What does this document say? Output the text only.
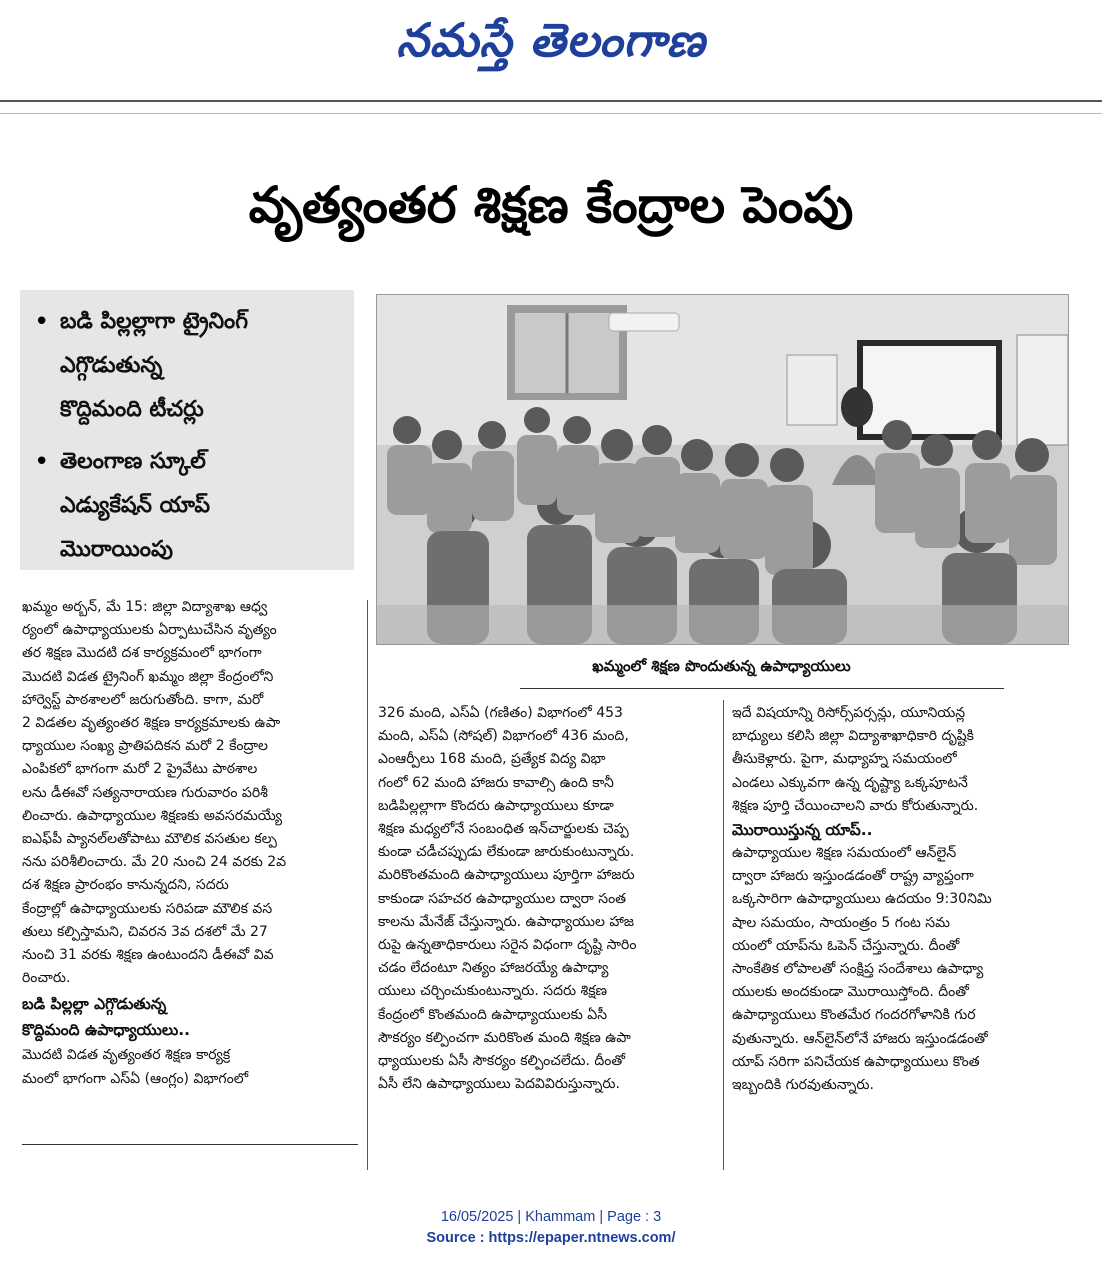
నమస్తే తెలంగాణ
వృత్యంతర శిక్షణ కేంద్రాల పెంపు
• బడి పిల్లల్లాగా ట్రైనింగ్
ఎగ్గొడుతున్న
కొద్దిమంది టీచర్లు
• తెలంగాణ స్కూల్
ఎడ్యుకేషన్ యాప్
మొరాయింపు
ఖమ్మంలో శిక్షణ పొందుతున్న ఉపాధ్యాయులు

ఖమ్మం అర్బన్, మే 15: జిల్లా విద్యాశాఖ ఆధ్వ

ర్యంలో ఉపాధ్యాయులకు ఏర్పాటుచేసిన వృత్యం

తర శిక్షణ మొదటి దశ కార్యక్రమంలో భాగంగా

మొదటి విడత ట్రైనింగ్ ఖమ్మం జిల్లా కేంద్రంలోని

హార్వెస్ట్ పాఠశాలలో జరుగుతోంది. కాగా, మరో

2 విడతల వృత్యంతర శిక్షణ కార్యక్రమాలకు ఉపా

ధ్యాయుల సంఖ్య ప్రాతిపదికన మరో 2 కేంద్రాల

ఎంపికలో భాగంగా మరో 2 ప్రైవేటు పాఠశాల

లను డీఈవో సత్యనారాయణ గురువారం పరిశీ

లించారు. ఉపాధ్యాయుల శిక్షణకు అవసరమయ్యే

ఐఎఫ్‌పీ ప్యానల్‌లతోపాటు మౌలిక వసతుల కల్ప

నను పరిశీలించారు. మే 20 నుంచి 24 వరకు 2వ

దశ శిక్షణ ప్రారంభం కానున్నదని, సదరు

కేంద్రాల్లో ఉపాధ్యాయులకు సరిపడా మౌలిక వస

తులు కల్పిస్తామని, చివరన 3వ దశలో మే 27

నుంచి 31 వరకు శిక్షణ ఉంటుందని డీఈవో వివ

రించారు.

బడి పిల్లల్లా ఎగ్గొడుతున్న
కొద్దిమంది ఉపాధ్యాయులు..

మొదటి విడత వృత్యంతర శిక్షణ కార్యక్ర

మంలో భాగంగా ఎస్ఏ (ఆంగ్లం) విభాగంలో

326 మంది, ఎస్ఏ (గణితం) విభాగంలో 453

మంది, ఎస్ఏ (సోషల్) విభాగంలో 436 మంది,

ఎంఆర్పీలు 168 మంది, ప్రత్యేక విద్య విభా

గంలో 62 మంది హాజరు కావాల్సి ఉంది కానీ

బడిపిల్లల్లాగా కొందరు ఉపాధ్యాయులు కూడా

శిక్షణ మధ్యలోనే సంబంధిత ఇన్‌చార్జులకు చెప్ప

కుండా చడీచప్పుడు లేకుండా జారుకుంటున్నారు.

మరికొంతమంది ఉపాధ్యాయులు పూర్తిగా హాజరు

కాకుండా సహచర ఉపాధ్యాయుల ద్వారా సంత

కాలను మేనేజ్ చేస్తున్నారు. ఉపాధ్యాయుల హాజ

రుపై ఉన్నతాధికారులు సరైన విధంగా దృష్టి సారిం

చడం లేదంటూ నిత్యం హాజరయ్యే ఉపాధ్యా

యులు చర్చించుకుంటున్నారు. సదరు శిక్షణ

కేంద్రంలో కొంతమంది ఉపాధ్యాయులకు ఏసీ

సౌకర్యం కల్పించగా మరికొంత మంది శిక్షణ ఉపా

ధ్యాయులకు ఏసీ సౌకర్యం కల్పించలేదు. దీంతో

ఏసీ లేని ఉపాధ్యాయులు పెదవివిరుస్తున్నారు.

ఇదే విషయాన్ని రిసోర్స్‌పర్సన్లు, యూనియన్ల

బాధ్యులు కలిసి జిల్లా విద్యాశాఖాధికారి దృష్టికి

తీసుకెళ్లారు. పైగా, మధ్యాహ్న సమయంలో

ఎండలు ఎక్కువగా ఉన్న దృష్ట్యా ఒక్కపూటనే

శిక్షణ పూర్తి చేయించాలని వారు కోరుతున్నారు.

మొరాయిస్తున్న యాప్..

ఉపాధ్యాయుల శిక్షణ సమయంలో ఆన్‌లైన్

ద్వారా హాజరు ఇస్తుండడంతో రాష్ట్ర వ్యాప్తంగా

ఒక్కసారిగా ఉపాధ్యాయులు ఉదయం 9:30నిమి

షాల సమయం, సాయంత్రం 5 గంట సమ

యంలో యాప్‌ను ఓపెన్ చేస్తున్నారు. దీంతో

సాంకేతిక లోపాలతో సంక్షిప్త సందేశాలు ఉపాధ్యా

యులకు అందకుండా మొరాయిస్తోంది. దీంతో

ఉపాధ్యాయులు కొంతమేర గందరగోళానికి గుర

వుతున్నారు. ఆన్‌లైన్‌లోనే హాజరు ఇస్తుండడంతో

యాప్ సరిగా పనిచేయక ఉపాధ్యాయులు కొంత

ఇబ్బందికి గురవుతున్నారు.

16/05/2025 | Khammam | Page : 3
Source : https://epaper.ntnews.com/
